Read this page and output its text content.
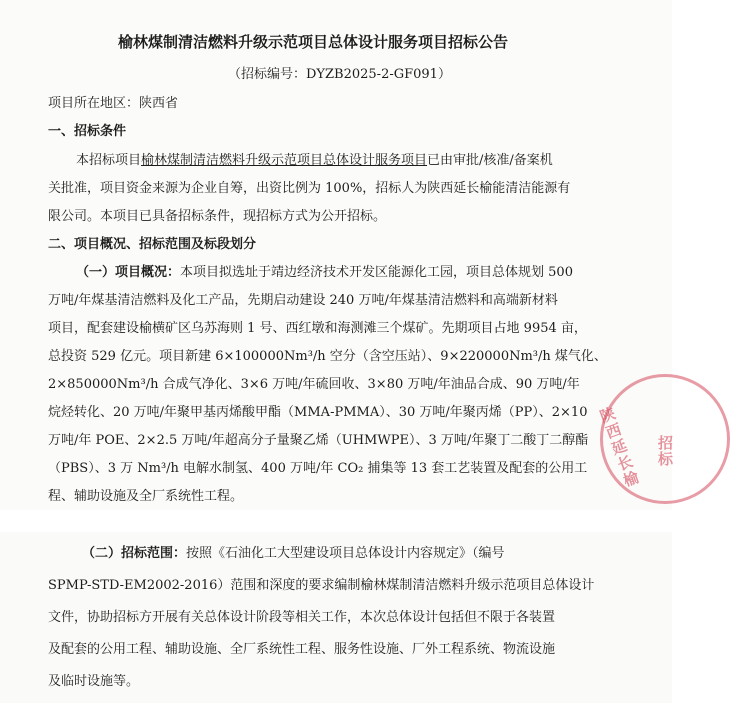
榆林煤制清洁燃料升级示范项目总体设计服务项目招标公告
（招标编号：DYZB2025-2-GF091）
项目所在地区：陕西省
一、招标条件
本招标项目榆林煤制清洁燃料升级示范项目总体设计服务项目已由审批/核准/备案机
关批准，项目资金来源为企业自筹，出资比例为 100%，招标人为陕西延长榆能清洁能源有
限公司。本项目已具备招标条件，现招标方式为公开招标。
二、项目概况、招标范围及标段划分
（一）项目概况：本项目拟选址于靖边经济技术开发区能源化工园，项目总体规划 500
万吨/年煤基清洁燃料及化工产品，先期启动建设 240 万吨/年煤基清洁燃料和高端新材料
项目，配套建设榆横矿区乌苏海则 1 号、西红墩和海测滩三个煤矿。先期项目占地 9954 亩，
总投资 529 亿元。项目新建 6×100000Nm³/h 空分（含空压站）、9×220000Nm³/h 煤气化、
2×850000Nm³/h 合成气净化、3×6 万吨/年硫回收、3×80 万吨/年油品合成、90 万吨/年
烷烃转化、20 万吨/年聚甲基丙烯酸甲酯（MMA-PMMA）、30 万吨/年聚丙烯（PP）、2×10
万吨/年 POE、2×2.5 万吨/年超高分子量聚乙烯（UHMWPE）、3 万吨/年聚丁二酸丁二醇酯
（PBS）、3 万 Nm³/h 电解水制氢、400 万吨/年 CO₂ 捕集等 13 套工艺装置及配套的公用工
程、辅助设施及全厂系统性工程。
陕西延长榆 招标
（二）招标范围：按照《石油化工大型建设项目总体设计内容规定》（编号
SPMP-STD-EM2002-2016）范围和深度的要求编制榆林煤制清洁燃料升级示范项目总体设计
文件，协助招标方开展有关总体设计阶段等相关工作，本次总体设计包括但不限于各装置
及配套的公用工程、辅助设施、全厂系统性工程、服务性设施、厂外工程系统、物流设施
及临时设施等。
